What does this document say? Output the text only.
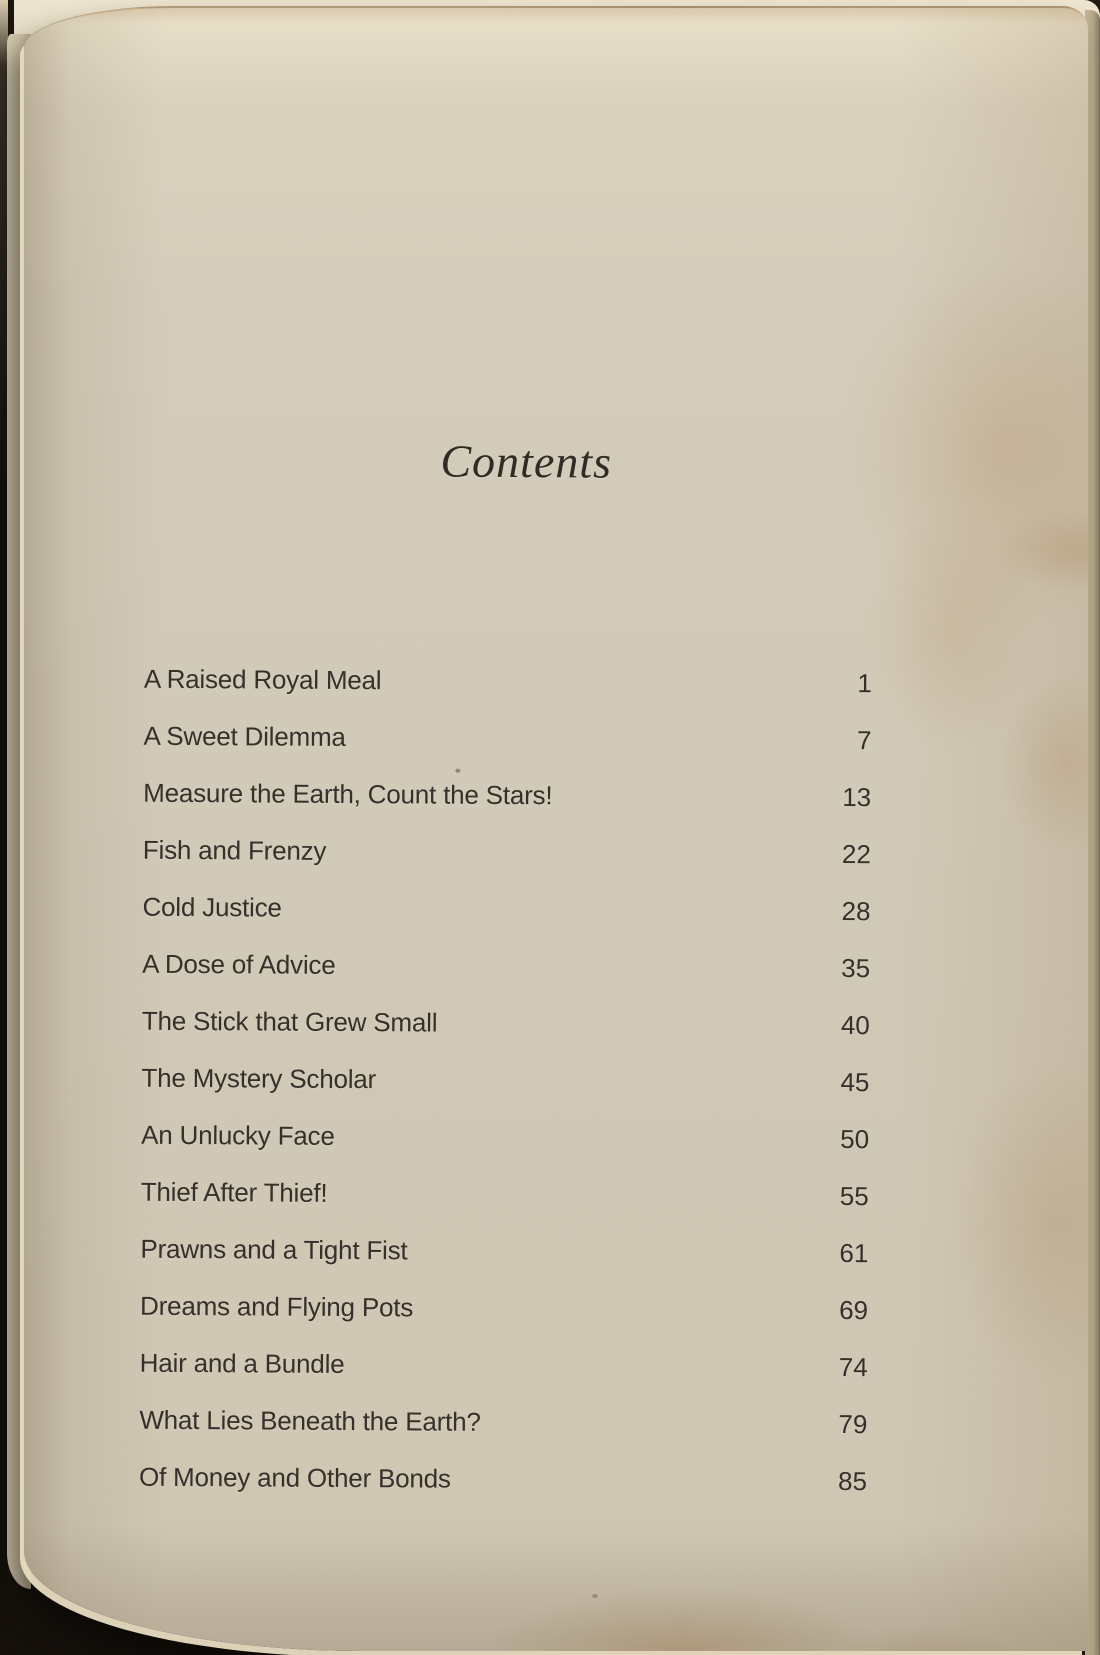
Contents
A Raised Royal Meal	1
A Sweet Dilemma	7
Measure the Earth, Count the Stars!	13
Fish and Frenzy	22
Cold Justice	28
A Dose of Advice	35
The Stick that Grew Small	40
The Mystery Scholar	45
An Unlucky Face	50
Thief After Thief!	55
Prawns and a Tight Fist	61
Dreams and Flying Pots	69
Hair and a Bundle	74
What Lies Beneath the Earth?	79
Of Money and Other Bonds	85
